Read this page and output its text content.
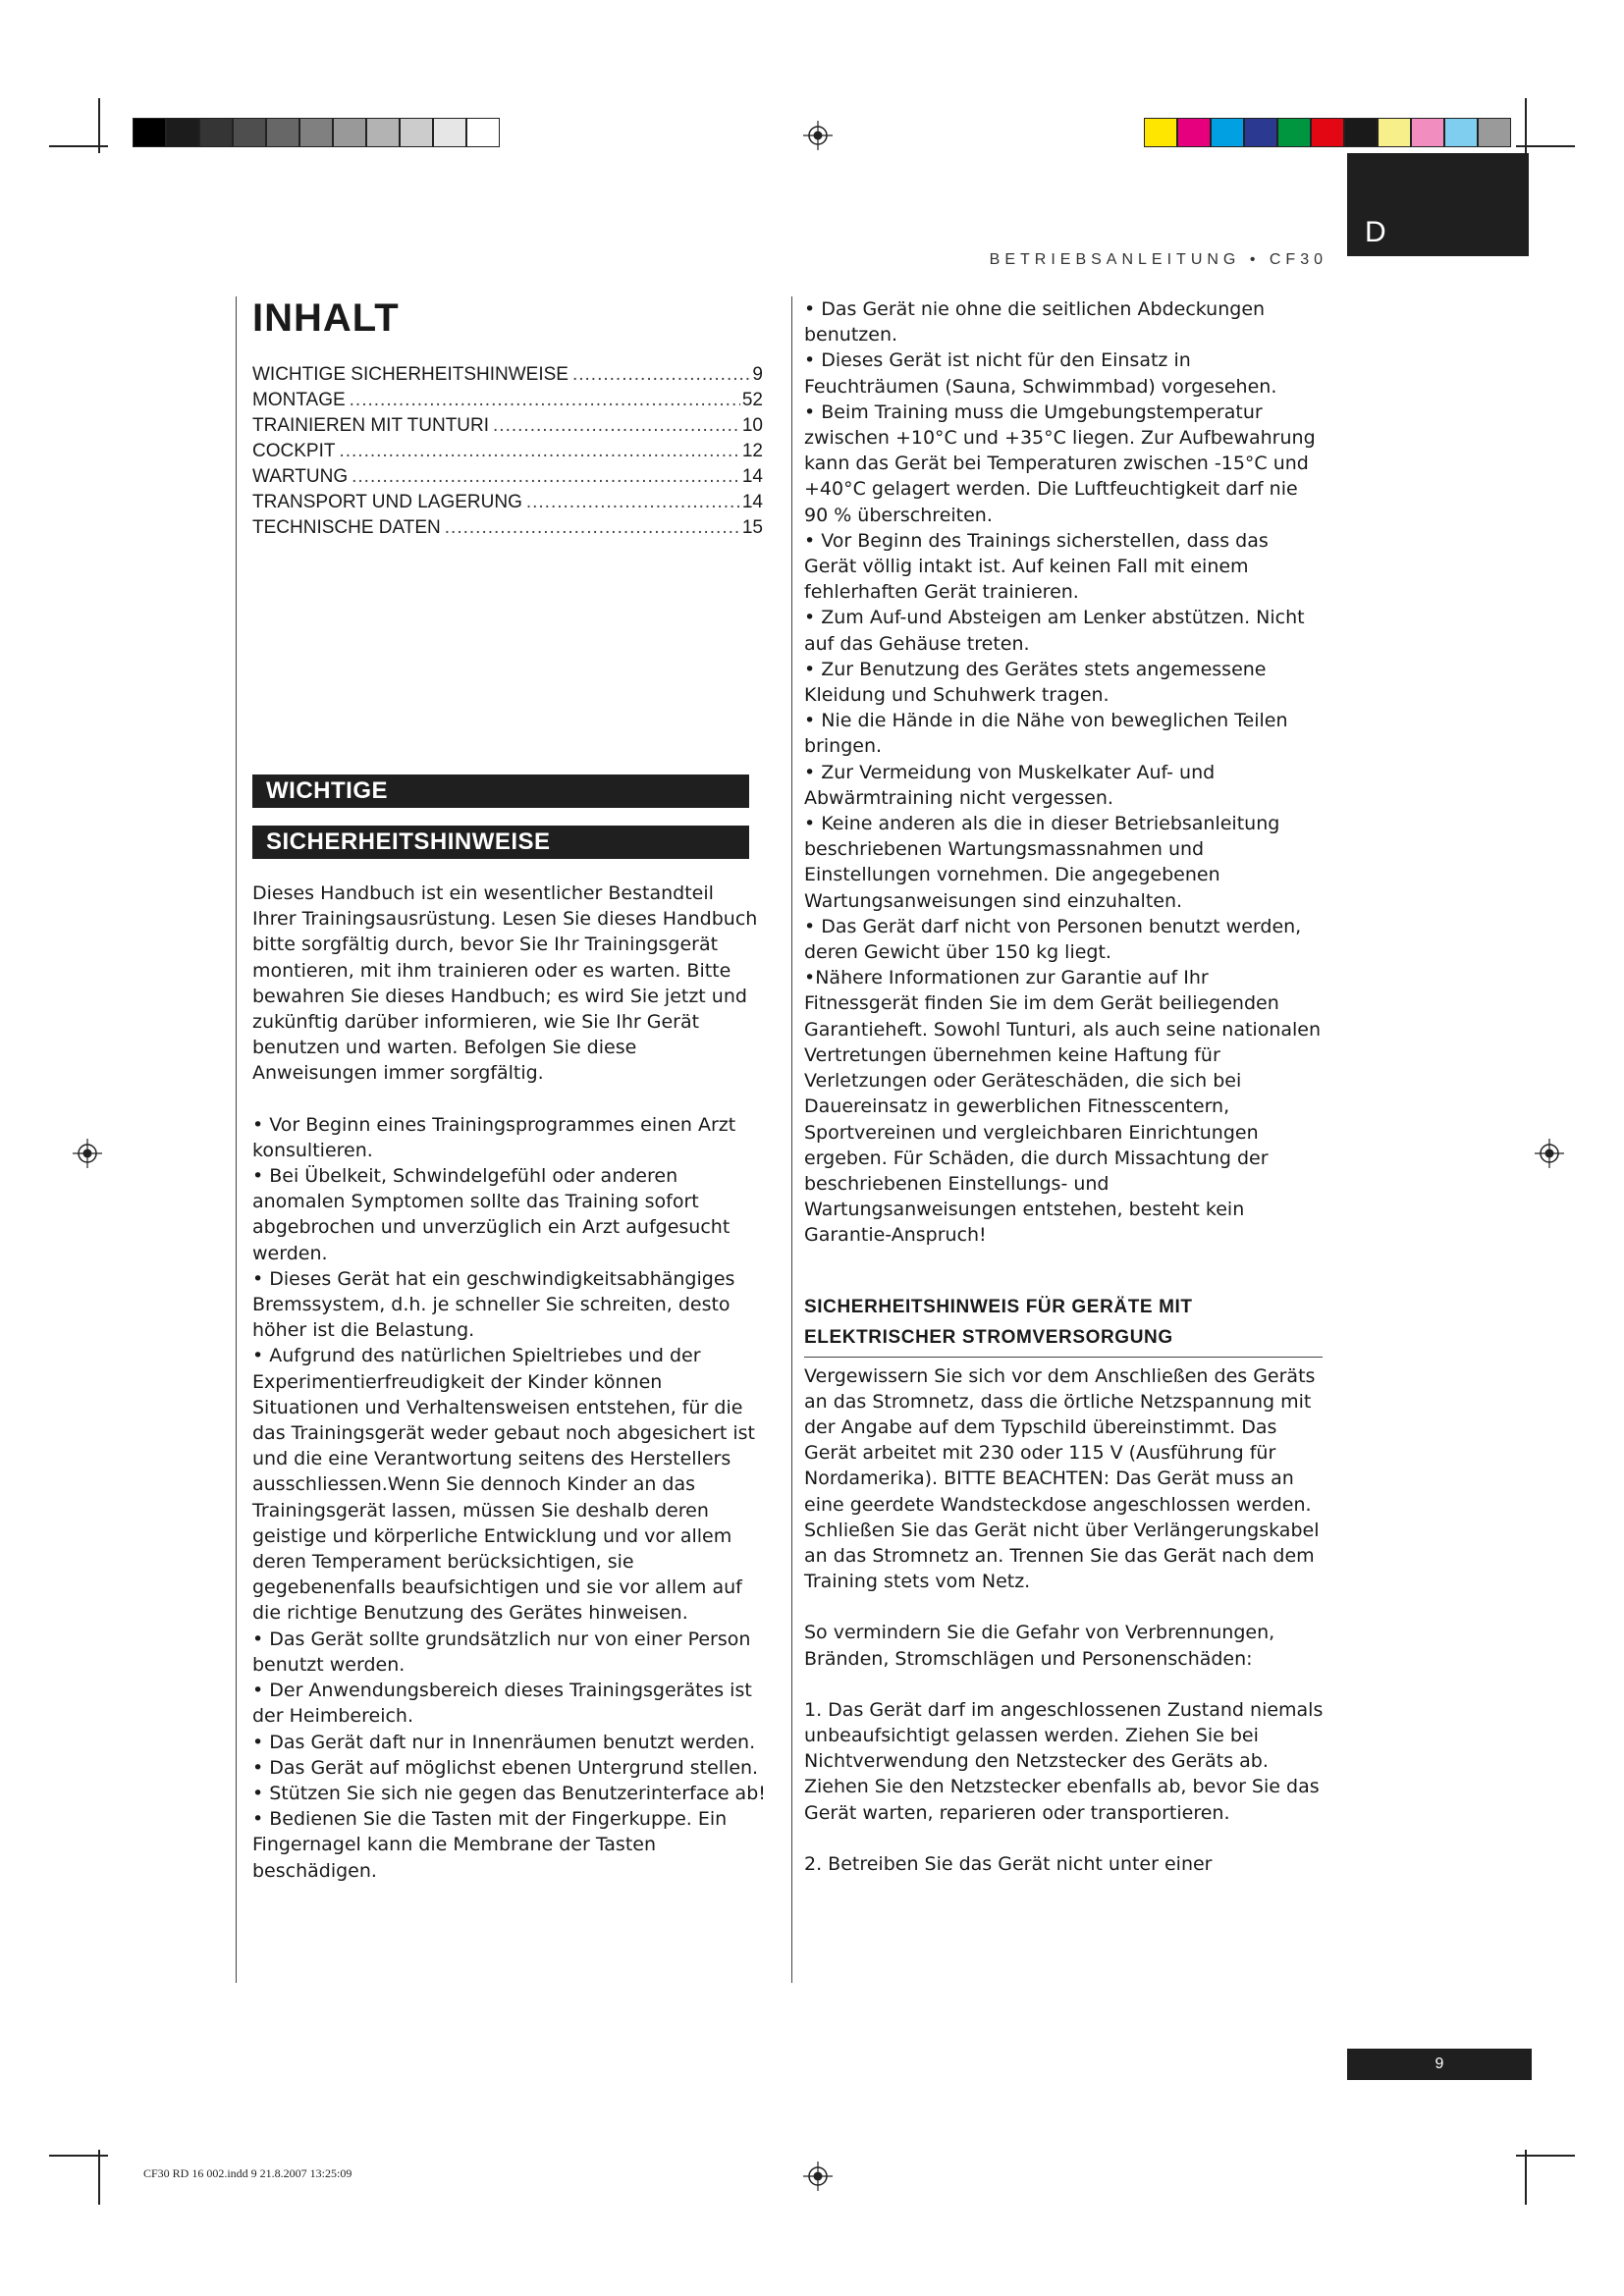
D
BETRIEBSANLEITUNG • CF30
INHALT
WICHTIGE SICHERHEITSHINWEISE .....	9
MONTAGE .....	52
TRAINIEREN MIT TUNTURI .....	10
COCKPIT .....	12
WARTUNG .....	14
TRANSPORT UND LAGERUNG .....	14
TECHNISCHE DATEN .....	15
WICHTIGE
SICHERHEITSHINWEISE

Dieses Handbuch ist ein wesentlicher Bestandteil Ihrer Trainingsausrüstung. Lesen Sie dieses Handbuch bitte sorgfältig durch, bevor Sie Ihr Trainingsgerät montieren, mit ihm trainieren oder es warten. Bitte bewahren Sie dieses Handbuch; es wird Sie jetzt und zukünftig darüber informieren, wie Sie Ihr Gerät benutzen und warten. Befolgen Sie diese Anweisungen immer sorgfältig.

• Vor Beginn eines Trainingsprogrammes einen Arzt konsultieren.
• Bei Übelkeit, Schwindelgefühl oder anderen anomalen Symptomen sollte das Training sofort abgebrochen und unverzüglich ein Arzt aufgesucht werden.
• Dieses Gerät hat ein geschwindigkeitsabhängiges Bremssystem, d.h. je schneller Sie schreiten, desto höher ist die Belastung.
• Aufgrund des natürlichen Spieltriebes und der Experimentierfreudigkeit der Kinder können Situationen und Verhaltensweisen entstehen, für die das Trainingsgerät weder gebaut noch abgesichert ist und die eine Verantwortung seitens des Herstellers ausschliessen.Wenn Sie dennoch Kinder an das Trainingsgerät lassen, müssen Sie deshalb deren geistige und körperliche Entwicklung und vor allem deren Temperament berücksichtigen, sie gegebenenfalls beaufsichtigen und sie vor allem auf die richtige Benutzung des Gerätes hinweisen.
• Das Gerät sollte grundsätzlich nur von einer Person benutzt werden.
• Der Anwendungsbereich dieses Trainingsgerätes ist der Heimbereich.
• Das Gerät daft nur in Innenräumen benutzt werden.
• Das Gerät auf möglichst ebenen Untergrund stellen.
• Stützen Sie sich nie gegen das Benutzerinterface ab!
• Bedienen Sie die Tasten mit der Fingerkuppe. Ein Fingernagel kann die Membrane der Tasten beschädigen.
• Das Gerät nie ohne die seitlichen Abdeckungen benutzen.
• Dieses Gerät ist nicht für den Einsatz in Feuchträumen (Sauna, Schwimmbad) vorgesehen.
• Beim Training muss die Umgebungstemperatur zwischen +10°C und +35°C liegen. Zur Aufbewahrung kann das Gerät bei Temperaturen zwischen -15°C und +40°C gelagert werden. Die Luftfeuchtigkeit darf nie 90 % überschreiten.
• Vor Beginn des Trainings sicherstellen, dass das Gerät völlig intakt ist. Auf keinen Fall mit einem fehlerhaften Gerät trainieren.
• Zum Auf-und Absteigen am Lenker abstützen. Nicht auf das Gehäuse treten.
• Zur Benutzung des Gerätes stets angemessene Kleidung und Schuhwerk tragen.
• Nie die Hände in die Nähe von beweglichen Teilen bringen.
• Zur Vermeidung von Muskelkater Auf- und Abwärmtraining nicht vergessen.
• Keine anderen als die in dieser Betriebsanleitung beschriebenen Wartungsmassnahmen und Einstellungen vornehmen. Die angegebenen Wartungsanweisungen sind einzuhalten.
• Das Gerät darf nicht von Personen benutzt werden, deren Gewicht über 150 kg liegt.
• Nähere Informationen zur Garantie auf Ihr Fitnessgerät finden Sie im dem Gerät beiliegenden Garantieheft. Sowohl Tunturi, als auch seine nationalen Vertretungen übernehmen keine Haftung für Verletzungen oder Geräteschäden, die sich bei Dauereinsatz in gewerblichen Fitnesscentern, Sportvereinen und vergleichbaren Einrichtungen ergeben. Für Schäden, die durch Missachtung der beschriebenen Einstellungs- und Wartungsanweisungen entstehen, besteht kein Garantie-Anspruch!
SICHERHEITSHINWEIS FÜR GERÄTE MIT
ELEKTRISCHER STROMVERSORGUNG

Vergewissern Sie sich vor dem Anschließen des Geräts an das Stromnetz, dass die örtliche Netzspannung mit der Angabe auf dem Typschild übereinstimmt. Das Gerät arbeitet mit 230 oder 115 V (Ausführung für Nordamerika). BITTE BEACHTEN: Das Gerät muss an eine geerdete Wandsteckdose angeschlossen werden. Schließen Sie das Gerät nicht über Verlängerungskabel an das Stromnetz an. Trennen Sie das Gerät nach dem Training stets vom Netz.

So vermindern Sie die Gefahr von Verbrennungen, Bränden, Stromschlägen und Personenschäden:

1. Das Gerät darf im angeschlossenen Zustand niemals unbeaufsichtigt gelassen werden. Ziehen Sie bei Nichtverwendung den Netzstecker des Geräts ab. Ziehen Sie den Netzstecker ebenfalls ab, bevor Sie das Gerät warten, reparieren oder transportieren.

2. Betreiben Sie das Gerät nicht unter einer

9
CF30 RD 16 002.indd 9 21.8.2007 13:25:09
